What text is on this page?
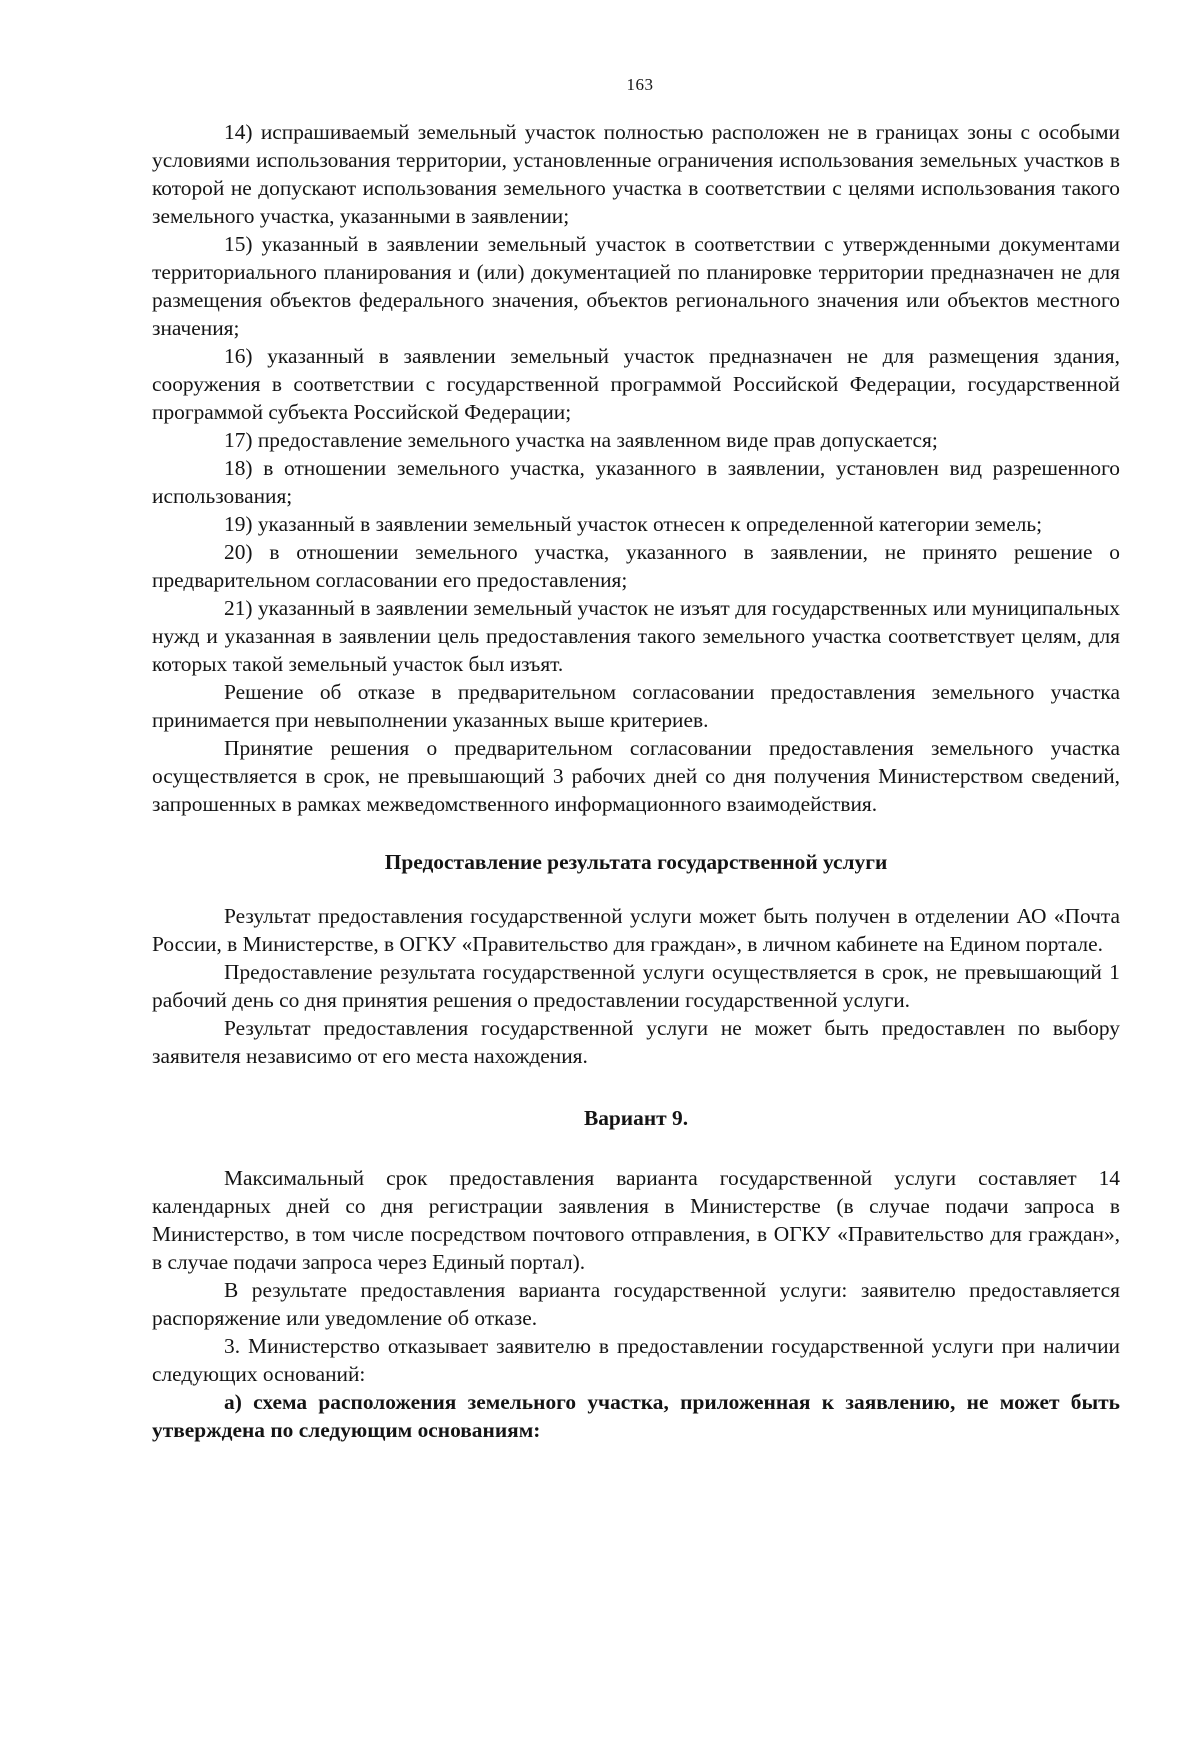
163

14) испрашиваемый земельный участок полностью расположен не в границах зоны с особыми условиями использования территории, установленные ограничения использования земельных участков в которой не допускают использования земельного участка в соответствии с целями использования такого земельного участка, указанными в заявлении;

15) указанный в заявлении земельный участок в соответствии с утвержденными документами территориального планирования и (или) документацией по планировке территории предназначен не для размещения объектов федерального значения, объектов регионального значения или объектов местного значения;

16) указанный в заявлении земельный участок предназначен не для размещения здания, сооружения в соответствии с государственной программой Российской Федерации, государственной программой субъекта Российской Федерации;

17) предоставление земельного участка на заявленном виде прав допускается;

18) в отношении земельного участка, указанного в заявлении, установлен вид разрешенного использования;

19) указанный в заявлении земельный участок отнесен к определенной категории земель;

20) в отношении земельного участка, указанного в заявлении, не принято решение о предварительном согласовании его предоставления;

21) указанный в заявлении земельный участок не изъят для государственных или муниципальных нужд и указанная в заявлении цель предоставления такого земельного участка соответствует целям, для которых такой земельный участок был изъят.

Решение об отказе в предварительном согласовании предоставления земельного участка принимается при невыполнении указанных выше критериев.

Принятие решения о предварительном согласовании предоставления земельного участка осуществляется в срок, не превышающий 3 рабочих дней со дня получения Министерством сведений, запрошенных в рамках межведомственного информационного взаимодействия.

Предоставление результата государственной услуги

Результат предоставления государственной услуги может быть получен в отделении АО «Почта России, в Министерстве, в ОГКУ «Правительство для граждан», в личном кабинете на Едином портале.

Предоставление результата государственной услуги осуществляется в срок, не превышающий 1 рабочий день со дня принятия решения о предоставлении государственной услуги.

Результат предоставления государственной услуги не может быть предоставлен по выбору заявителя независимо от его места нахождения.

Вариант 9.

Максимальный срок предоставления варианта государственной услуги составляет 14 календарных дней со дня регистрации заявления в Министерстве (в случае подачи запроса в Министерство, в том числе посредством почтового отправления, в ОГКУ «Правительство для граждан», в случае подачи запроса через Единый портал).

В результате предоставления варианта государственной услуги: заявителю предоставляется распоряжение или уведомление об отказе.

3. Министерство отказывает заявителю в предоставлении государственной услуги при наличии следующих оснований:

а) схема расположения земельного участка, приложенная к заявлению, не может быть утверждена по следующим основаниям:
